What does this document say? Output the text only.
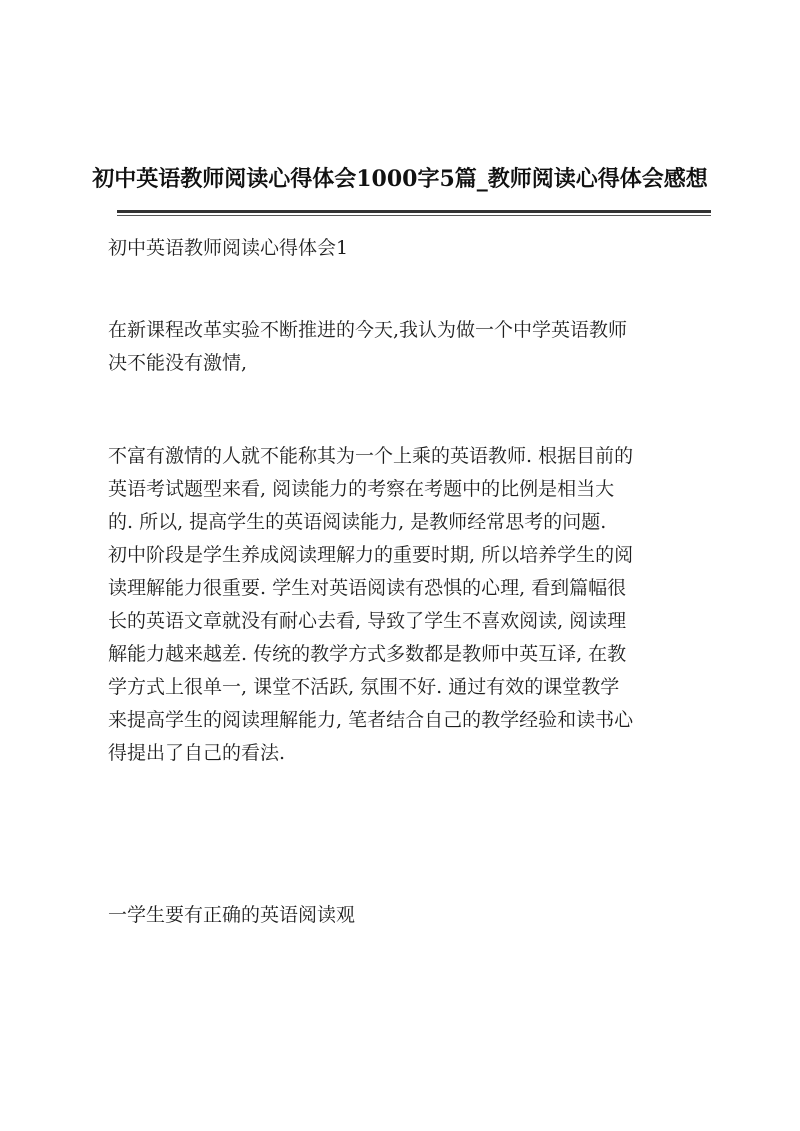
初中英语教师阅读心得体会1000字5篇_教师阅读心得体会感想

初中英语教师阅读心得体会1

在新课程改革实验不断推进的今天,我认为做一个中学英语教师
决不能没有激情,
不富有激情的人就不能称其为一个上乘的英语教师. 根据目前的
英语考试题型来看, 阅读能力的考察在考题中的比例是相当大
的. 所以, 提高学生的英语阅读能力, 是教师经常思考的问题.
初中阶段是学生养成阅读理解力的重要时期, 所以培养学生的阅
读理解能力很重要. 学生对英语阅读有恐惧的心理, 看到篇幅很
长的英语文章就没有耐心去看, 导致了学生不喜欢阅读, 阅读理
解能力越来越差. 传统的教学方式多数都是教师中英互译, 在教
学方式上很单一, 课堂不活跃, 氛围不好. 通过有效的课堂教学
来提高学生的阅读理解能力, 笔者结合自己的教学经验和读书心
得提出了自己的看法.

一学生要有正确的英语阅读观
